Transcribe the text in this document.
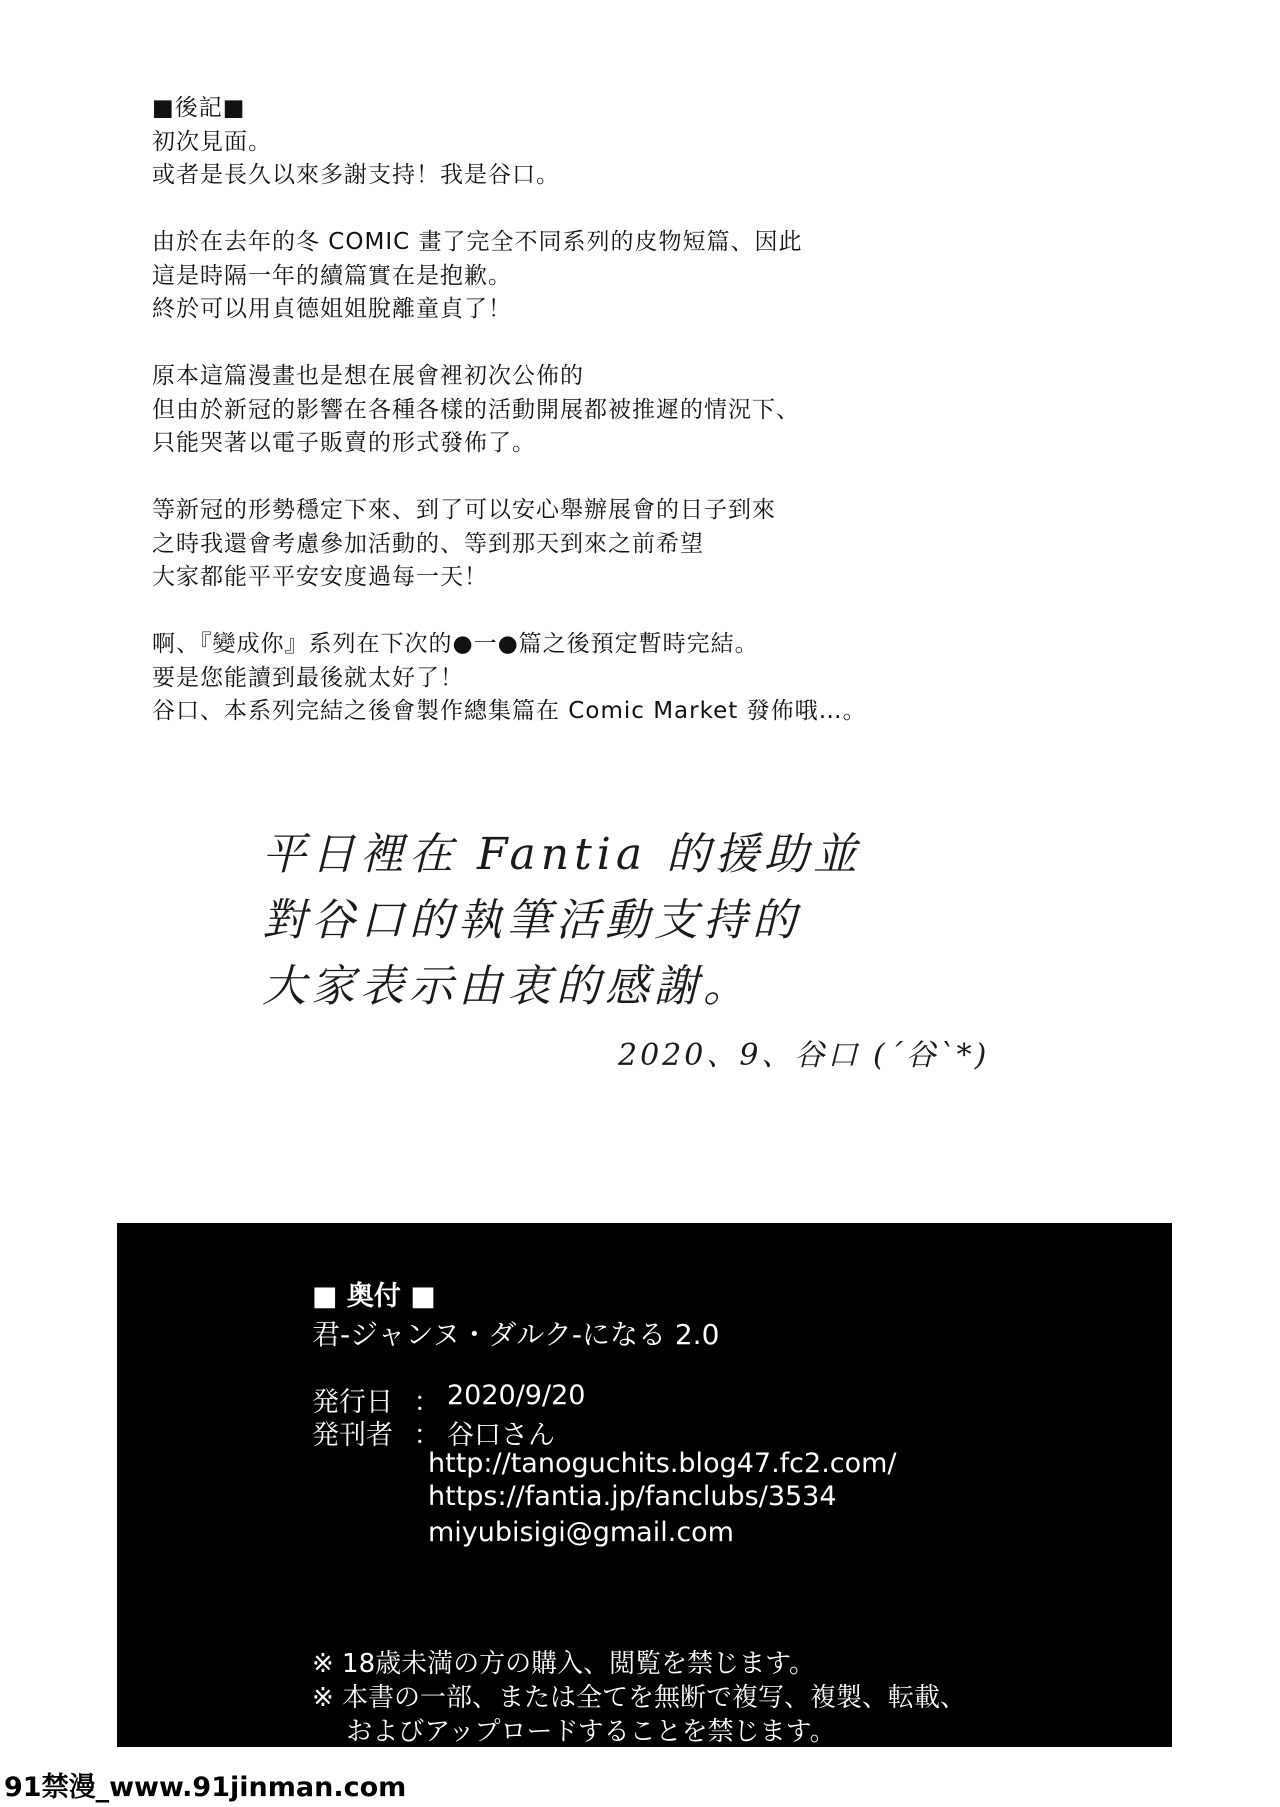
■後記■
初次見面。
或者是長久以來多謝支持！我是谷口。
由於在去年的冬 COMIC 畫了完全不同系列的皮物短篇、因此
這是時隔一年的續篇實在是抱歉。
終於可以用貞德姐姐脫離童貞了！
原本這篇漫畫也是想在展會裡初次公佈的
但由於新冠的影響在各種各樣的活動開展都被推遲的情況下、
只能哭著以電子販賣的形式發佈了。
等新冠的形勢穩定下來、到了可以安心舉辦展會的日子到來
之時我還會考慮參加活動的、等到那天到來之前希望
大家都能平平安安度過每一天！
啊、『變成你』系列在下次的●一●篇之後預定暫時完結。
要是您能讀到最後就太好了！
谷口、本系列完結之後會製作總集篇在 Comic Market 發佈哦…。
平日裡在 Fantia 的援助並
對谷口的執筆活動支持的
大家表示由衷的感謝。
2020、9、谷口 (´谷`*)
■ 奥付 ■
君-ジャンヌ・ダルク-になる 2.0
発行日 ： 2020/9/20
発刊者 ： 谷口さん
http://tanoguchits.blog47.fc2.com/
https://fantia.jp/fanclubs/3534
miyubisigi@gmail.com
※ 18歳未満の方の購入、閲覧を禁じます。
※ 本書の一部、または全てを無断で複写、複製、転載、
　 およびアップロードすることを禁じます。
91禁漫_www.91jinman.com
